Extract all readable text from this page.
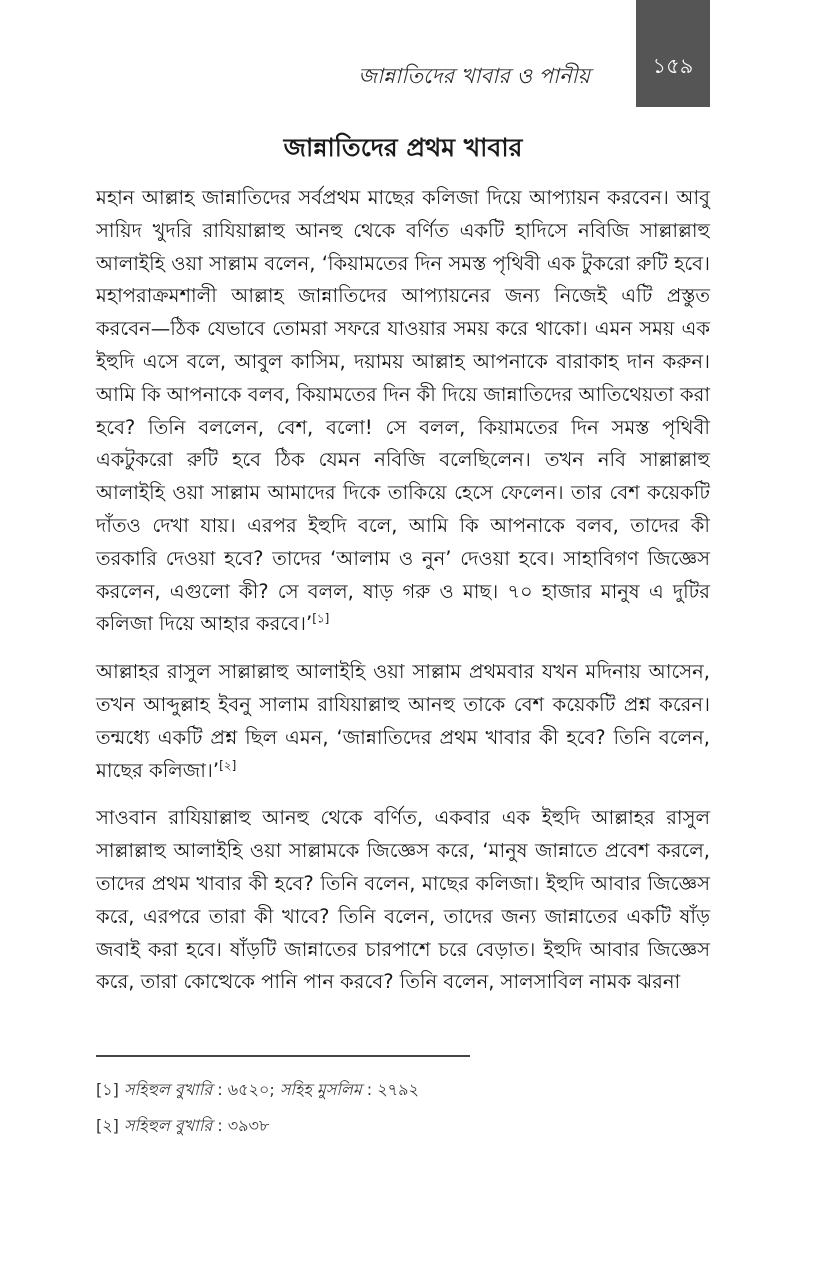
জান্নাতিদের খাবার ও পানীয়	১৫৯
জান্নাতিদের প্রথম খাবার

মহান আল্লাহ জান্নাতিদের সর্বপ্রথম মাছের কলিজা দিয়ে আপ্যায়ন করবেন। আবু সায়িদ খুদরি রাযিয়াল্লাহু আনহু থেকে বর্ণিত একটি হাদিসে নবিজি সাল্লাল্লাহু আলাইহি ওয়া সাল্লাম বলেন, ‘কিয়ামতের দিন সমস্ত পৃথিবী এক টুকরো রুটি হবে। মহাপরাক্রমশালী আল্লাহ জান্নাতিদের আপ্যায়নের জন্য নিজেই এটি প্রস্তুত করবেন—ঠিক যেভাবে তোমরা সফরে যাওয়ার সময় করে থাকো। এমন সময় এক ইহুদি এসে বলে, আবুল কাসিম, দয়াময় আল্লাহ আপনাকে বারাকাহ দান করুন। আমি কি আপনাকে বলব, কিয়ামতের দিন কী দিয়ে জান্নাতিদের আতিথেয়তা করা হবে? তিনি বললেন, বেশ, বলো! সে বলল, কিয়ামতের দিন সমস্ত পৃথিবী একটুকরো রুটি হবে ঠিক যেমন নবিজি বলেছিলেন। তখন নবি সাল্লাল্লাহু আলাইহি ওয়া সাল্লাম আমাদের দিকে তাকিয়ে হেসে ফেলেন। তার বেশ কয়েকটি দাঁতও দেখা যায়। এরপর ইহুদি বলে, আমি কি আপনাকে বলব, তাদের কী তরকারি দেওয়া হবে? তাদের ‘আলাম ও নুন’ দেওয়া হবে। সাহাবিগণ জিজ্ঞেস করলেন, এগুলো কী? সে বলল, ষাড় গরু ও মাছ। ৭০ হাজার মানুষ এ দুটির কলিজা দিয়ে আহার করবে।’[১]

আল্লাহর রাসুল সাল্লাল্লাহু আলাইহি ওয়া সাল্লাম প্রথমবার যখন মদিনায় আসেন, তখন আব্দুল্লাহ ইবনু সালাম রাযিয়াল্লাহু আনহু তাকে বেশ কয়েকটি প্রশ্ন করেন। তন্মধ্যে একটি প্রশ্ন ছিল এমন, ‘জান্নাতিদের প্রথম খাবার কী হবে? তিনি বলেন, মাছের কলিজা।’[২]

সাওবান রাযিয়াল্লাহু আনহু থেকে বর্ণিত, একবার এক ইহুদি আল্লাহর রাসুল সাল্লাল্লাহু আলাইহি ওয়া সাল্লামকে জিজ্ঞেস করে, ‘মানুষ জান্নাতে প্রবেশ করলে, তাদের প্রথম খাবার কী হবে? তিনি বলেন, মাছের কলিজা। ইহুদি আবার জিজ্ঞেস করে, এরপরে তারা কী খাবে? তিনি বলেন, তাদের জন্য জান্নাতের একটি ষাঁড় জবাই করা হবে। ষাঁড়টি জান্নাতের চারপাশে চরে বেড়াত। ইহুদি আবার জিজ্ঞেস করে, তারা কোত্থেকে পানি পান করবে? তিনি বলেন, সালসাবিল নামক ঝরনা

[১] সহিহুল বুখারি : ৬৫২০; সহিহ মুসলিম : ২৭৯২

[২] সহিহুল বুখারি : ৩৯৩৮
